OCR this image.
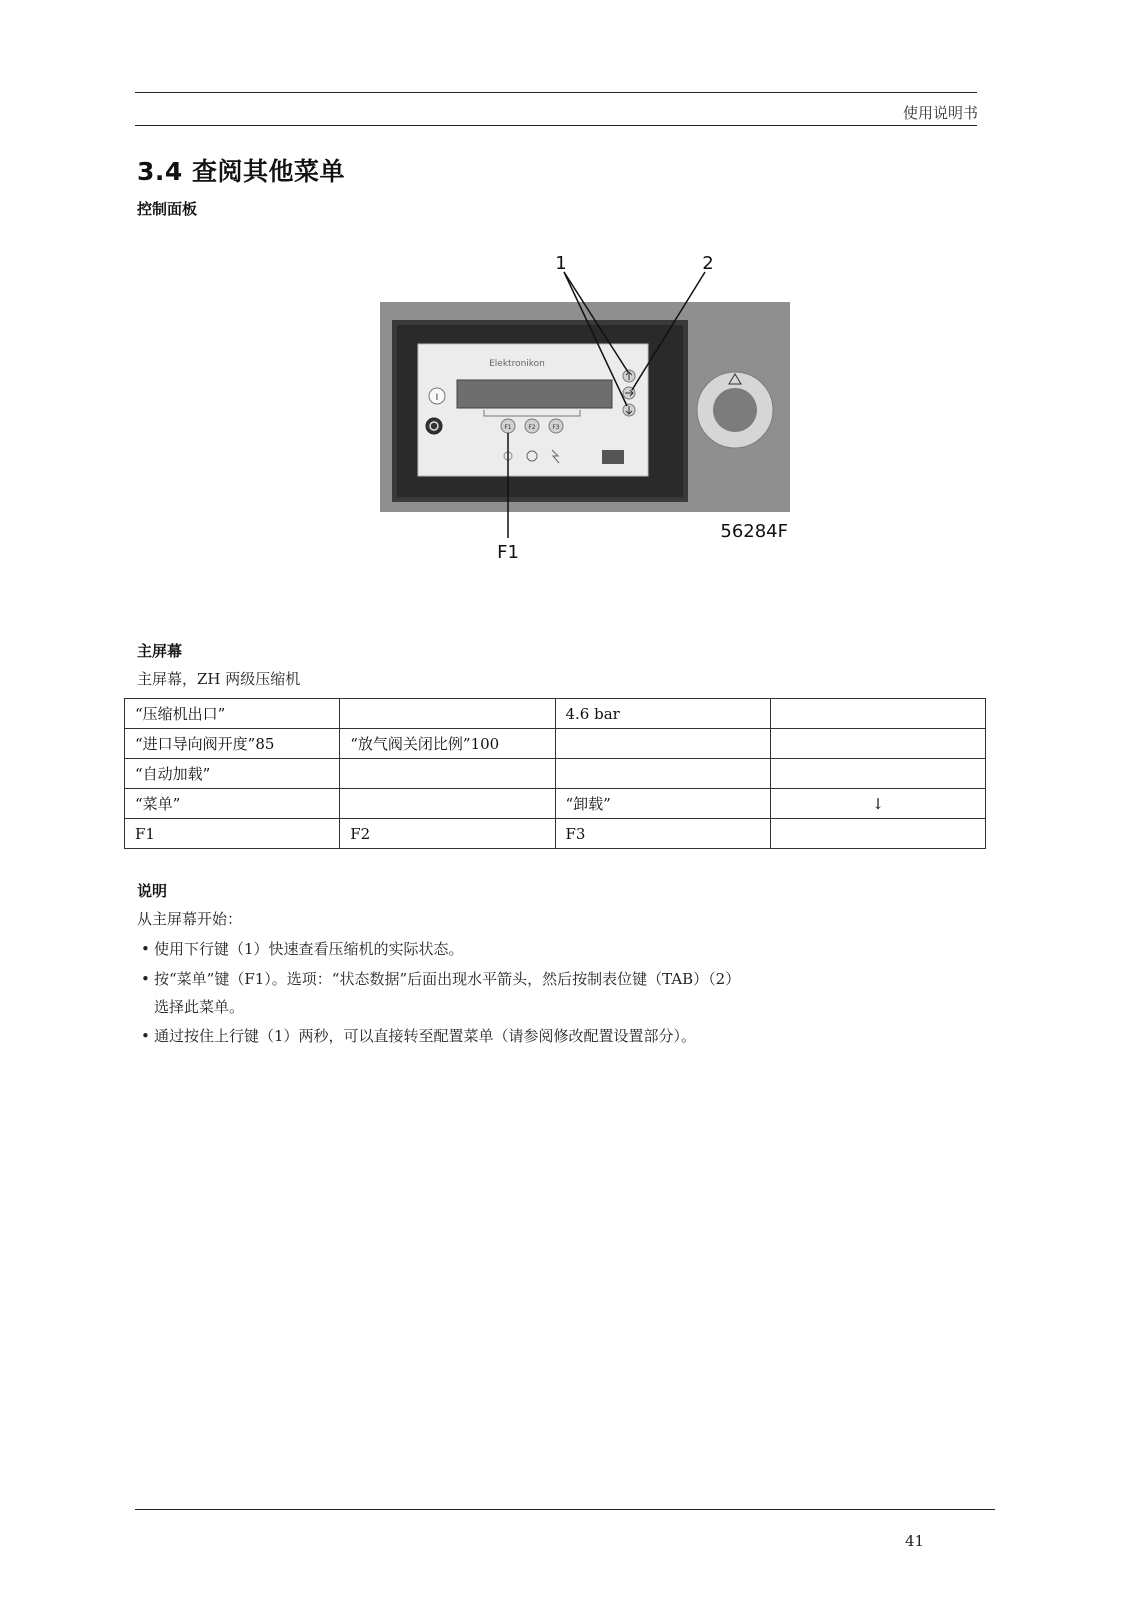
使用说明书
3.4 查阅其他菜单
控制面板
Elektronikon
I
F1	F2	F3
1	2
F1
56284F
主屏幕
主屏幕，ZH 两级压缩机
“压缩机出口”		4.6 bar	
“进口导向阀开度”85	“放气阀关闭比例”100		
“自动加载”			
“菜单”		“卸载”	↓
F1	F2	F3	
说明
从主屏幕开始：
• 使用下行键（1）快速查看压缩机的实际状态。
• 按“菜单”键（F1）。选项：“状态数据”后面出现水平箭头，然后按制表位键（TAB）（2）
选择此菜单。
• 通过按住上行键（1）两秒，可以直接转至配置菜单（请参阅修改配置设置部分）。
41
